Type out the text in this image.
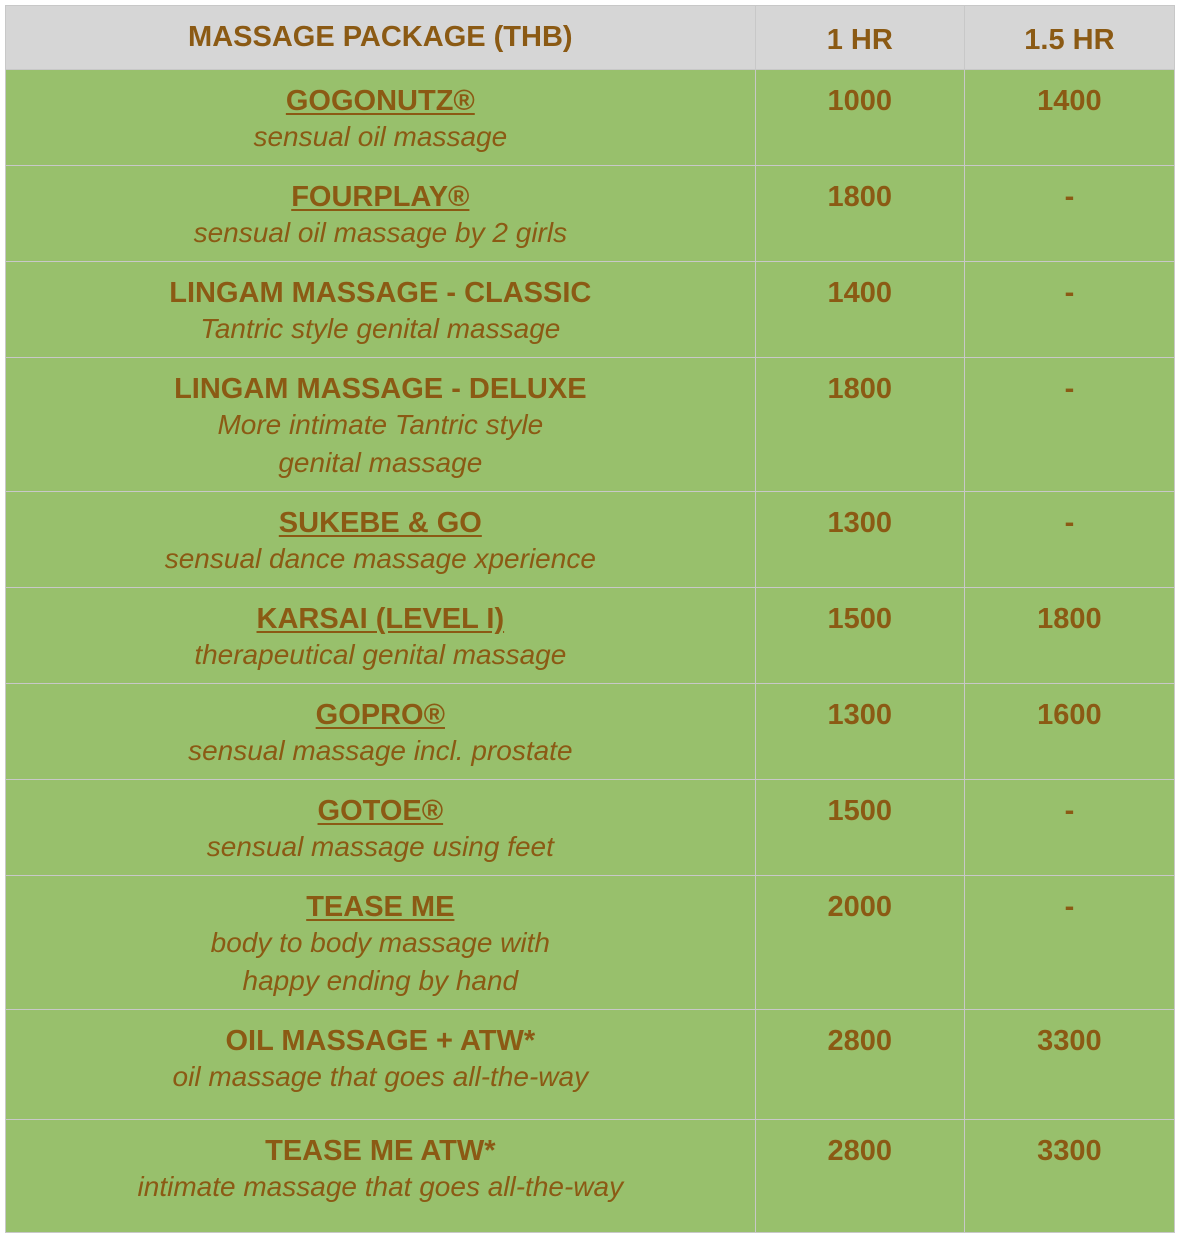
MASSAGE PACKAGE (THB)	1 HR	1.5 HR

GOGONUTZ®
sensual oil massage	1000	1400

FOURPLAY®
sensual oil massage by 2 girls	1800	-

LINGAM MASSAGE - CLASSIC
Tantric style genital massage	1400	-

LINGAM MASSAGE - DELUXE
More intimate Tantric style
genital massage	1800	-

SUKEBE & GO
sensual dance massage xperience	1300	-

KARSAI (LEVEL I)
therapeutical genital massage	1500	1800

GOPRO®
sensual massage incl. prostate	1300	1600

GOTOE®
sensual massage using feet	1500	-

TEASE ME
body to body massage with
happy ending by hand	2000	-

OIL MASSAGE + ATW*
oil massage that goes all-the-way	2800	3300

TEASE ME ATW*
intimate massage that goes all-the-way	2800	3300
